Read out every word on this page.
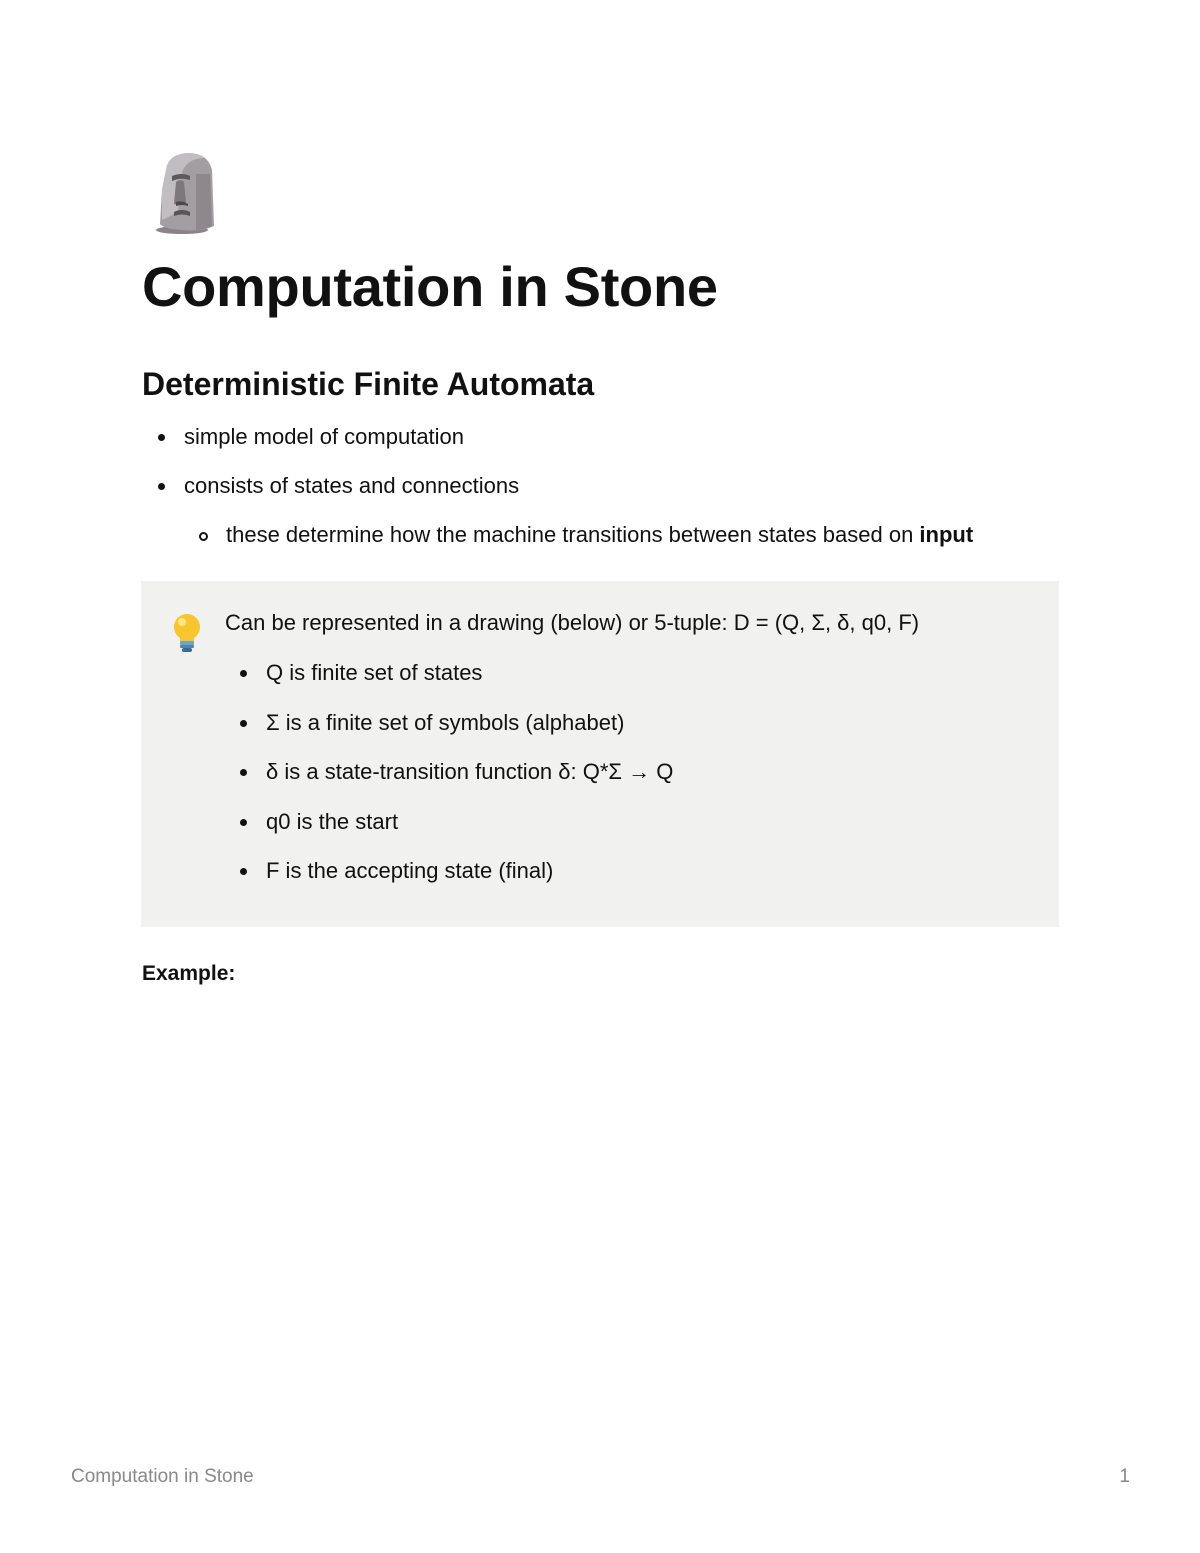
Computation in Stone
Deterministic Finite Automata
simple model of computation
consists of states and connections
these determine how the machine transitions between states based on input
Can be represented in a drawing (below) or 5-tuple: D = (Q, Σ, δ, q0, F)
Q is finite set of states
Σ is a finite set of symbols (alphabet)
δ is a state-transition function δ: Q*Σ → Q
q0 is the start
F is the accepting state (final)
Example:
Computation in Stone	1
